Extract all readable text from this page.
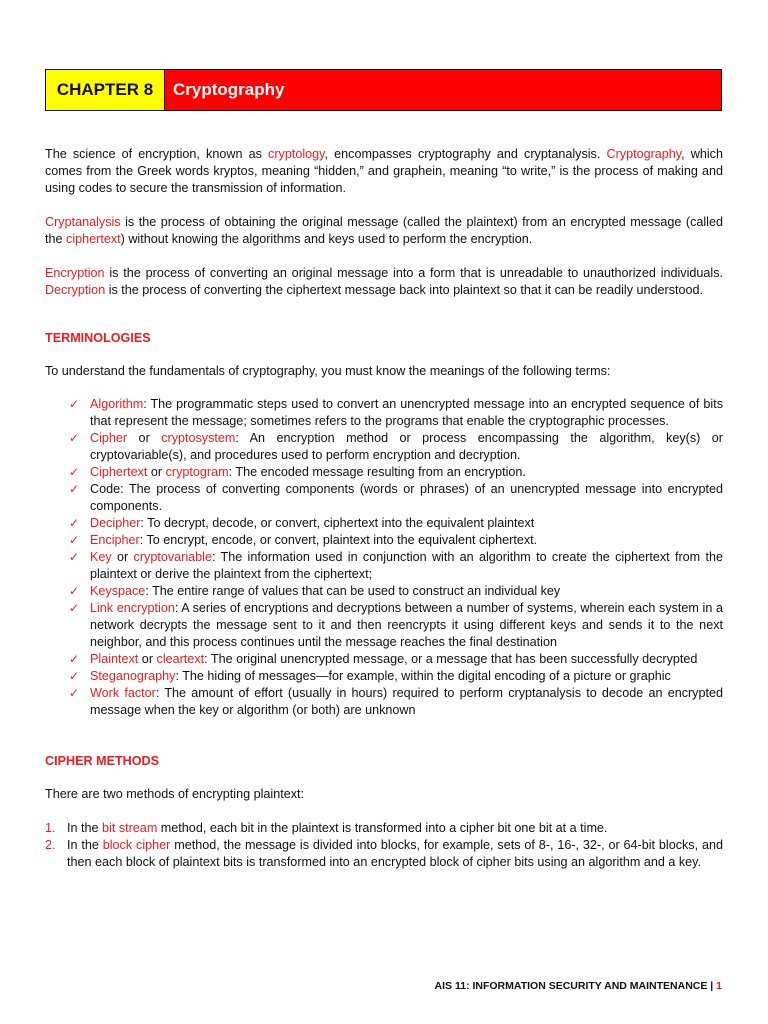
CHAPTER 8	Cryptography

The science of encryption, known as cryptology, encompasses cryptography and cryptanalysis. Cryptography, which comes from the Greek words kryptos, meaning “hidden,” and graphein, meaning “to write,” is the process of making and using codes to secure the transmission of information.

Cryptanalysis is the process of obtaining the original message (called the plaintext) from an encrypted message (called the ciphertext) without knowing the algorithms and keys used to perform the encryption.

Encryption is the process of converting an original message into a form that is unreadable to unauthorized individuals. Decryption is the process of converting the ciphertext message back into plaintext so that it can be readily understood.

TERMINOLOGIES

To understand the fundamentals of cryptography, you must know the meanings of the following terms:

✓ Algorithm: The programmatic steps used to convert an unencrypted message into an encrypted sequence of bits that represent the message; sometimes refers to the programs that enable the cryptographic processes.
✓ Cipher or cryptosystem: An encryption method or process encompassing the algorithm, key(s) or cryptovariable(s), and procedures used to perform encryption and decryption.
✓ Ciphertext or cryptogram: The encoded message resulting from an encryption.
✓ Code: The process of converting components (words or phrases) of an unencrypted message into encrypted components.
✓ Decipher: To decrypt, decode, or convert, ciphertext into the equivalent plaintext
✓ Encipher: To encrypt, encode, or convert, plaintext into the equivalent ciphertext.
✓ Key or cryptovariable: The information used in conjunction with an algorithm to create the ciphertext from the plaintext or derive the plaintext from the ciphertext;
✓ Keyspace: The entire range of values that can be used to construct an individual key
✓ Link encryption: A series of encryptions and decryptions between a number of systems, wherein each system in a network decrypts the message sent to it and then reencrypts it using different keys and sends it to the next neighbor, and this process continues until the message reaches the final destination
✓ Plaintext or cleartext: The original unencrypted message, or a message that has been successfully decrypted
✓ Steganography: The hiding of messages—for example, within the digital encoding of a picture or graphic
✓ Work factor: The amount of effort (usually in hours) required to perform cryptanalysis to decode an encrypted message when the key or algorithm (or both) are unknown
CIPHER METHODS

There are two methods of encrypting plaintext:

1. In the bit stream method, each bit in the plaintext is transformed into a cipher bit one bit at a time.
2. In the block cipher method, the message is divided into blocks, for example, sets of 8-, 16-, 32-, or 64-bit blocks, and then each block of plaintext bits is transformed into an encrypted block of cipher bits using an algorithm and a key.
AIS 11: INFORMATION SECURITY AND MAINTENANCE | 1
